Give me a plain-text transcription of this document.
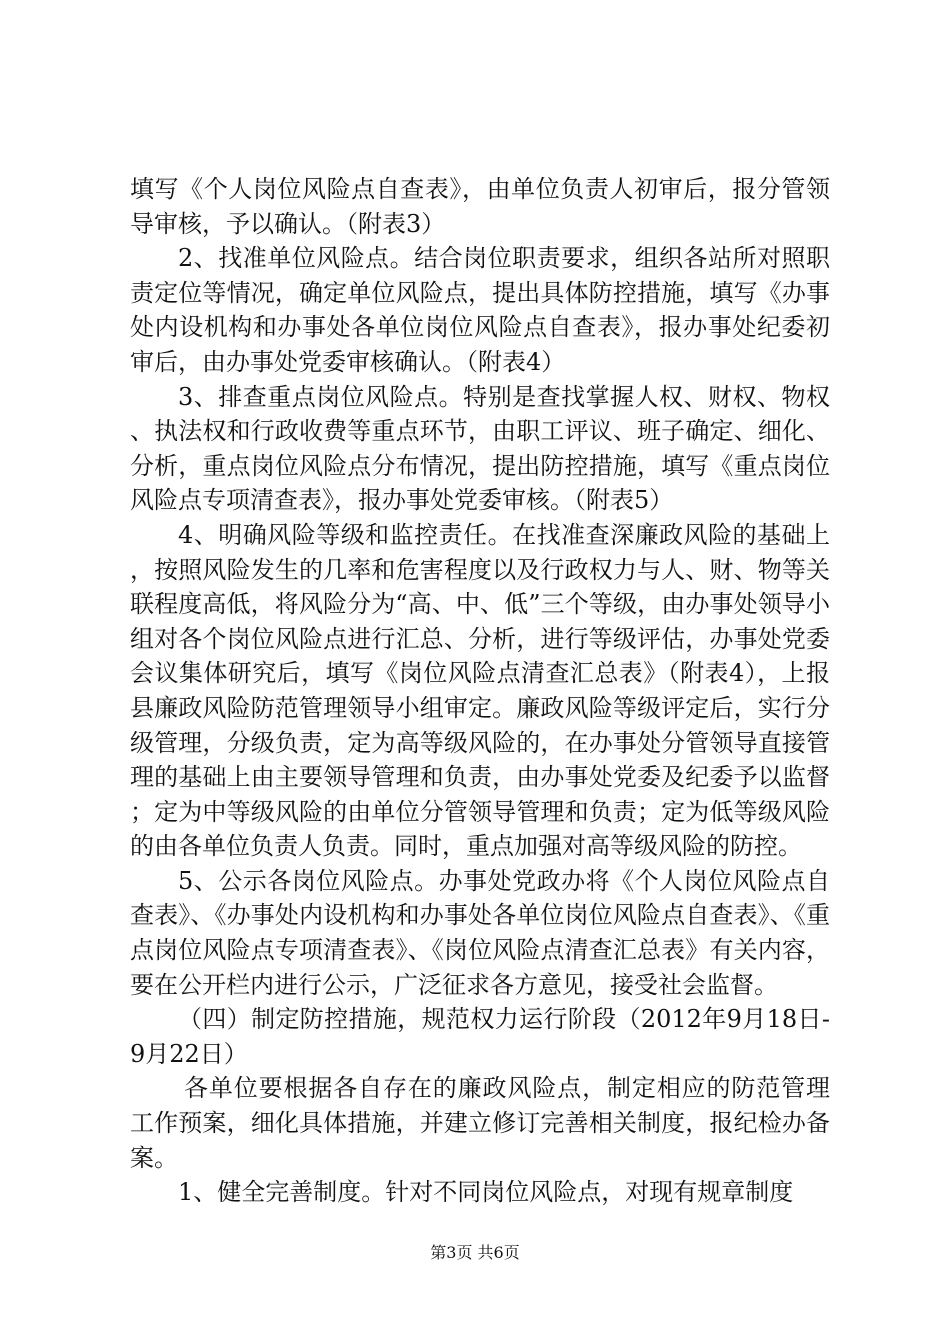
填写《个人岗位风险点自查表》，由单位负责人初审后，报分管领导审核，予以确认。（附表3）

2、找准单位风险点。结合岗位职责要求，组织各站所对照职责定位等情况，确定单位风险点，提出具体防控措施，填写《办事处内设机构和办事处各单位岗位风险点自查表》，报办事处纪委初审后，由办事处党委审核确认。（附表4）

3、排查重点岗位风险点。特别是查找掌握人权、财权、物权、执法权和行政收费等重点环节，由职工评议、班子确定、细化、分析，重点岗位风险点分布情况，提出防控措施，填写《重点岗位风险点专项清查表》，报办事处党委审核。（附表5）

4、明确风险等级和监控责任。在找准查深廉政风险的基础上，按照风险发生的几率和危害程度以及行政权力与人、财、物等关联程度高低，将风险分为“高、中、低”三个等级，由办事处领导小组对各个岗位风险点进行汇总、分析，进行等级评估，办事处党委会议集体研究后，填写《岗位风险点清查汇总表》（附表4），上报县廉政风险防范管理领导小组审定。廉政风险等级评定后，实行分级管理，分级负责，定为高等级风险的，在办事处分管领导直接管理的基础上由主要领导管理和负责，由办事处党委及纪委予以监督；定为中等级风险的由单位分管领导管理和负责；定为低等级风险的由各单位负责人负责。同时，重点加强对高等级风险的防控。

5、公示各岗位风险点。办事处党政办将《个人岗位风险点自查表》、《办事处内设机构和办事处各单位岗位风险点自查表》、《重点岗位风险点专项清查表》、《岗位风险点清查汇总表》有关内容，要在公开栏内进行公示，广泛征求各方意见，接受社会监督。

（四）制定防控措施，规范权力运行阶段（2012年9月18日-9月22日）

各单位要根据各自存在的廉政风险点，制定相应的防范管理工作预案，细化具体措施，并建立修订完善相关制度，报纪检办备案。

1、健全完善制度。针对不同岗位风险点，对现有规章制度

第3页 共6页
